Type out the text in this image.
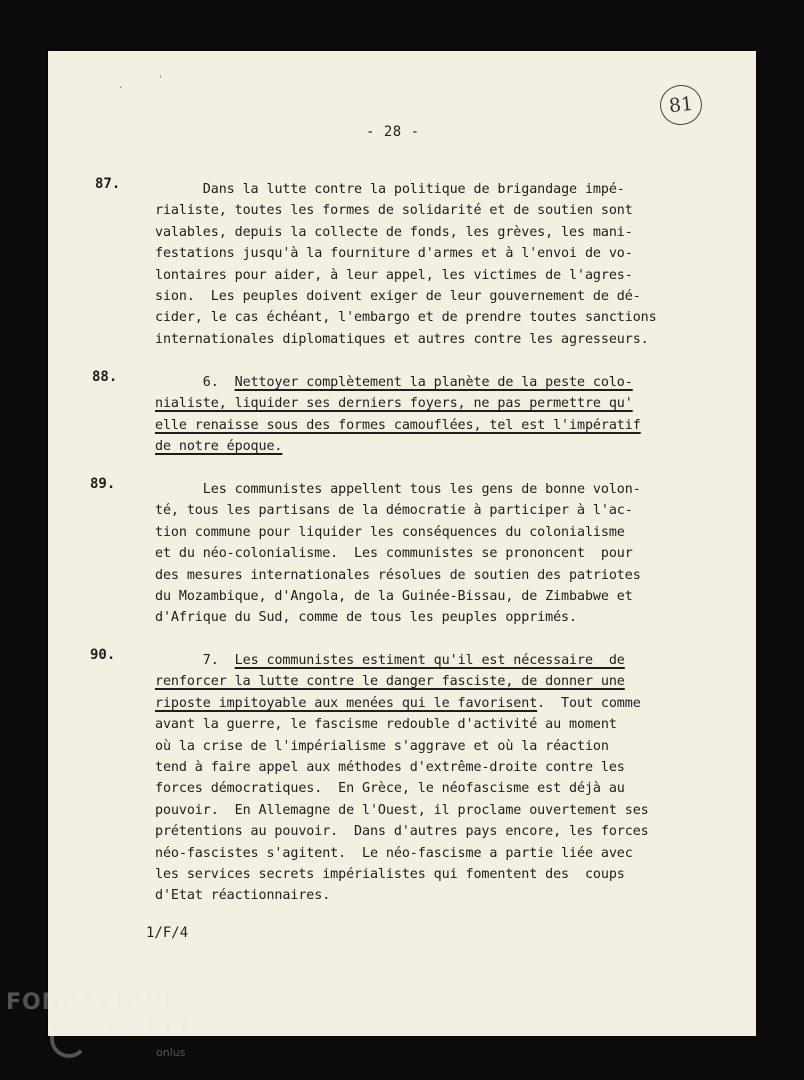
.
'
81
- 28 -
87.	Dans la lutte contre la politique de brigandage impé-
rialiste, toutes les formes de solidarité et de soutien sont
valables, depuis la collecte de fonds, les grèves, les mani-
festations jusqu'à la fourniture d'armes et à l'envoi de vo-
lontaires pour aider, à leur appel, les victimes de l'agres-
sion.  Les peuples doivent exiger de leur gouvernement de dé-
cider, le cas échéant, l'embargo et de prendre toutes sanctions
internationales diplomatiques et autres contre les agresseurs.

88.	6.  Nettoyer complètement la planète de la peste colo-
nialiste, liquider ses derniers foyers, ne pas permettre qu'
elle renaisse sous des formes camouflées, tel est l'impératif
de notre époque.

89.	Les communistes appellent tous les gens de bonne volon-
té, tous les partisans de la démocratie à participer à l'ac-
tion commune pour liquider les conséquences du colonialisme
et du néo-colonialisme.  Les communistes se prononcent  pour
des mesures internationales résolues de soutien des patriotes
du Mozambique, d'Angola, de la Guinée-Bissau, de Zimbabwe et
d'Afrique du Sud, comme de tous les peuples opprimés.

90.	7.  Les communistes estiment qu'il est nécessaire  de
renforcer la lutte contre le danger fasciste, de donner une
riposte impitoyable aux menées qui le favorisent.  Tout comme
avant la guerre, le fascisme redouble d'activité au moment
où la crise de l'impérialisme s'aggrave et où la réaction
tend à faire appel aux méthodes d'extrême-droite contre les
forces démocratiques.  En Grèce, le néofascisme est déjà au
pouvoir.  En Allemagne de l'Ouest, il proclame ouvertement ses
prétentions au pouvoir.  Dans d'autres pays encore, les forces
néo-fascistes s'agitent.  Le néo-fascisme a partie liée avec
les services secrets impérialistes qui fomentent des  coups
d'Etat réactionnaires.

1/F/4
FONDAZIONE
RAMSCI
onlus
